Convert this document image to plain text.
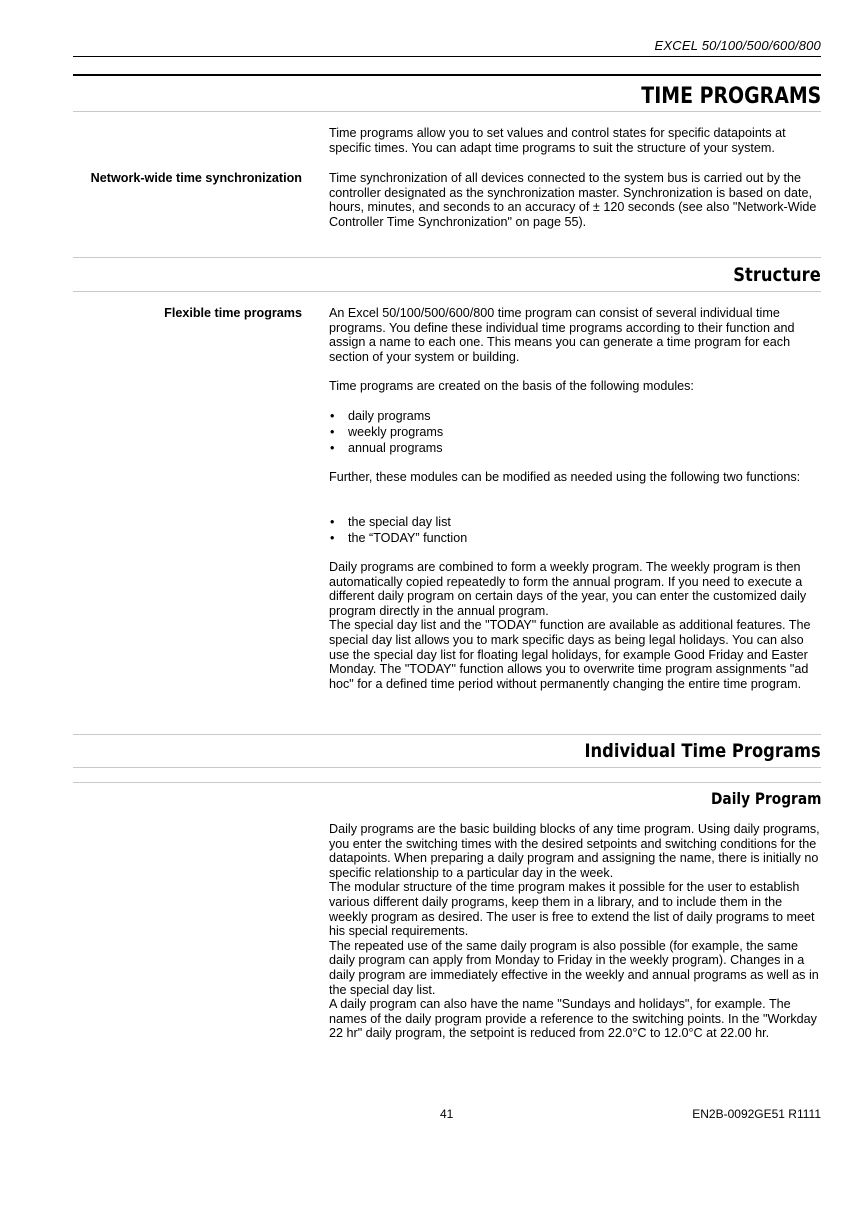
EXCEL 50/100/500/600/800
TIME PROGRAMS

Time programs allow you to set values and control states for specific datapoints at specific times. You can adapt time programs to suit the structure of your system.

Network-wide time synchronization Time synchronization of all devices connected to the system bus is carried out by the controller designated as the synchronization master. Synchronization is based on date, hours, minutes, and seconds to an accuracy of ± 120 seconds (see also "Network-Wide Controller Time Synchronization" on page 55).

Structure
Flexible time programs An Excel 50/100/500/600/800 time program can consist of several individual time programs. You define these individual time programs according to their function and assign a name to each one. This means you can generate a time program for each section of your system or building.

Time programs are created on the basis of the following modules:

• daily programs
• weekly programs
• annual programs

Further, these modules can be modified as needed using the following two functions:

• the special day list
• the “TODAY” function

Daily programs are combined to form a weekly program. The weekly program is then automatically copied repeatedly to form the annual program. If you need to execute a different daily program on certain days of the year, you can enter the customized daily program directly in the annual program.

The special day list and the "TODAY" function are available as additional features. The special day list allows you to mark specific days as being legal holidays. You can also use the special day list for floating legal holidays, for example Good Friday and Easter Monday. The "TODAY" function allows you to overwrite time program assignments "ad hoc" for a defined time period without permanently changing the entire time program.

Individual Time Programs
Daily Program

Daily programs are the basic building blocks of any time program. Using daily programs, you enter the switching times with the desired setpoints and switching conditions for the datapoints. When preparing a daily program and assigning the name, there is initially no specific relationship to a particular day in the week.

The modular structure of the time program makes it possible for the user to establish various different daily programs, keep them in a library, and to include them in the weekly program as desired. The user is free to extend the list of daily programs to meet his special requirements.

The repeated use of the same daily program is also possible (for example, the same daily program can apply from Monday to Friday in the weekly program). Changes in a daily program are immediately effective in the weekly and annual programs as well as in the special day list.

A daily program can also have the name "Sundays and holidays", for example. The names of the daily program provide a reference to the switching points. In the "Workday 22 hr" daily program, the setpoint is reduced from 22.0°C to 12.0°C at 22.00 hr.

41	EN2B-0092GE51 R1111
